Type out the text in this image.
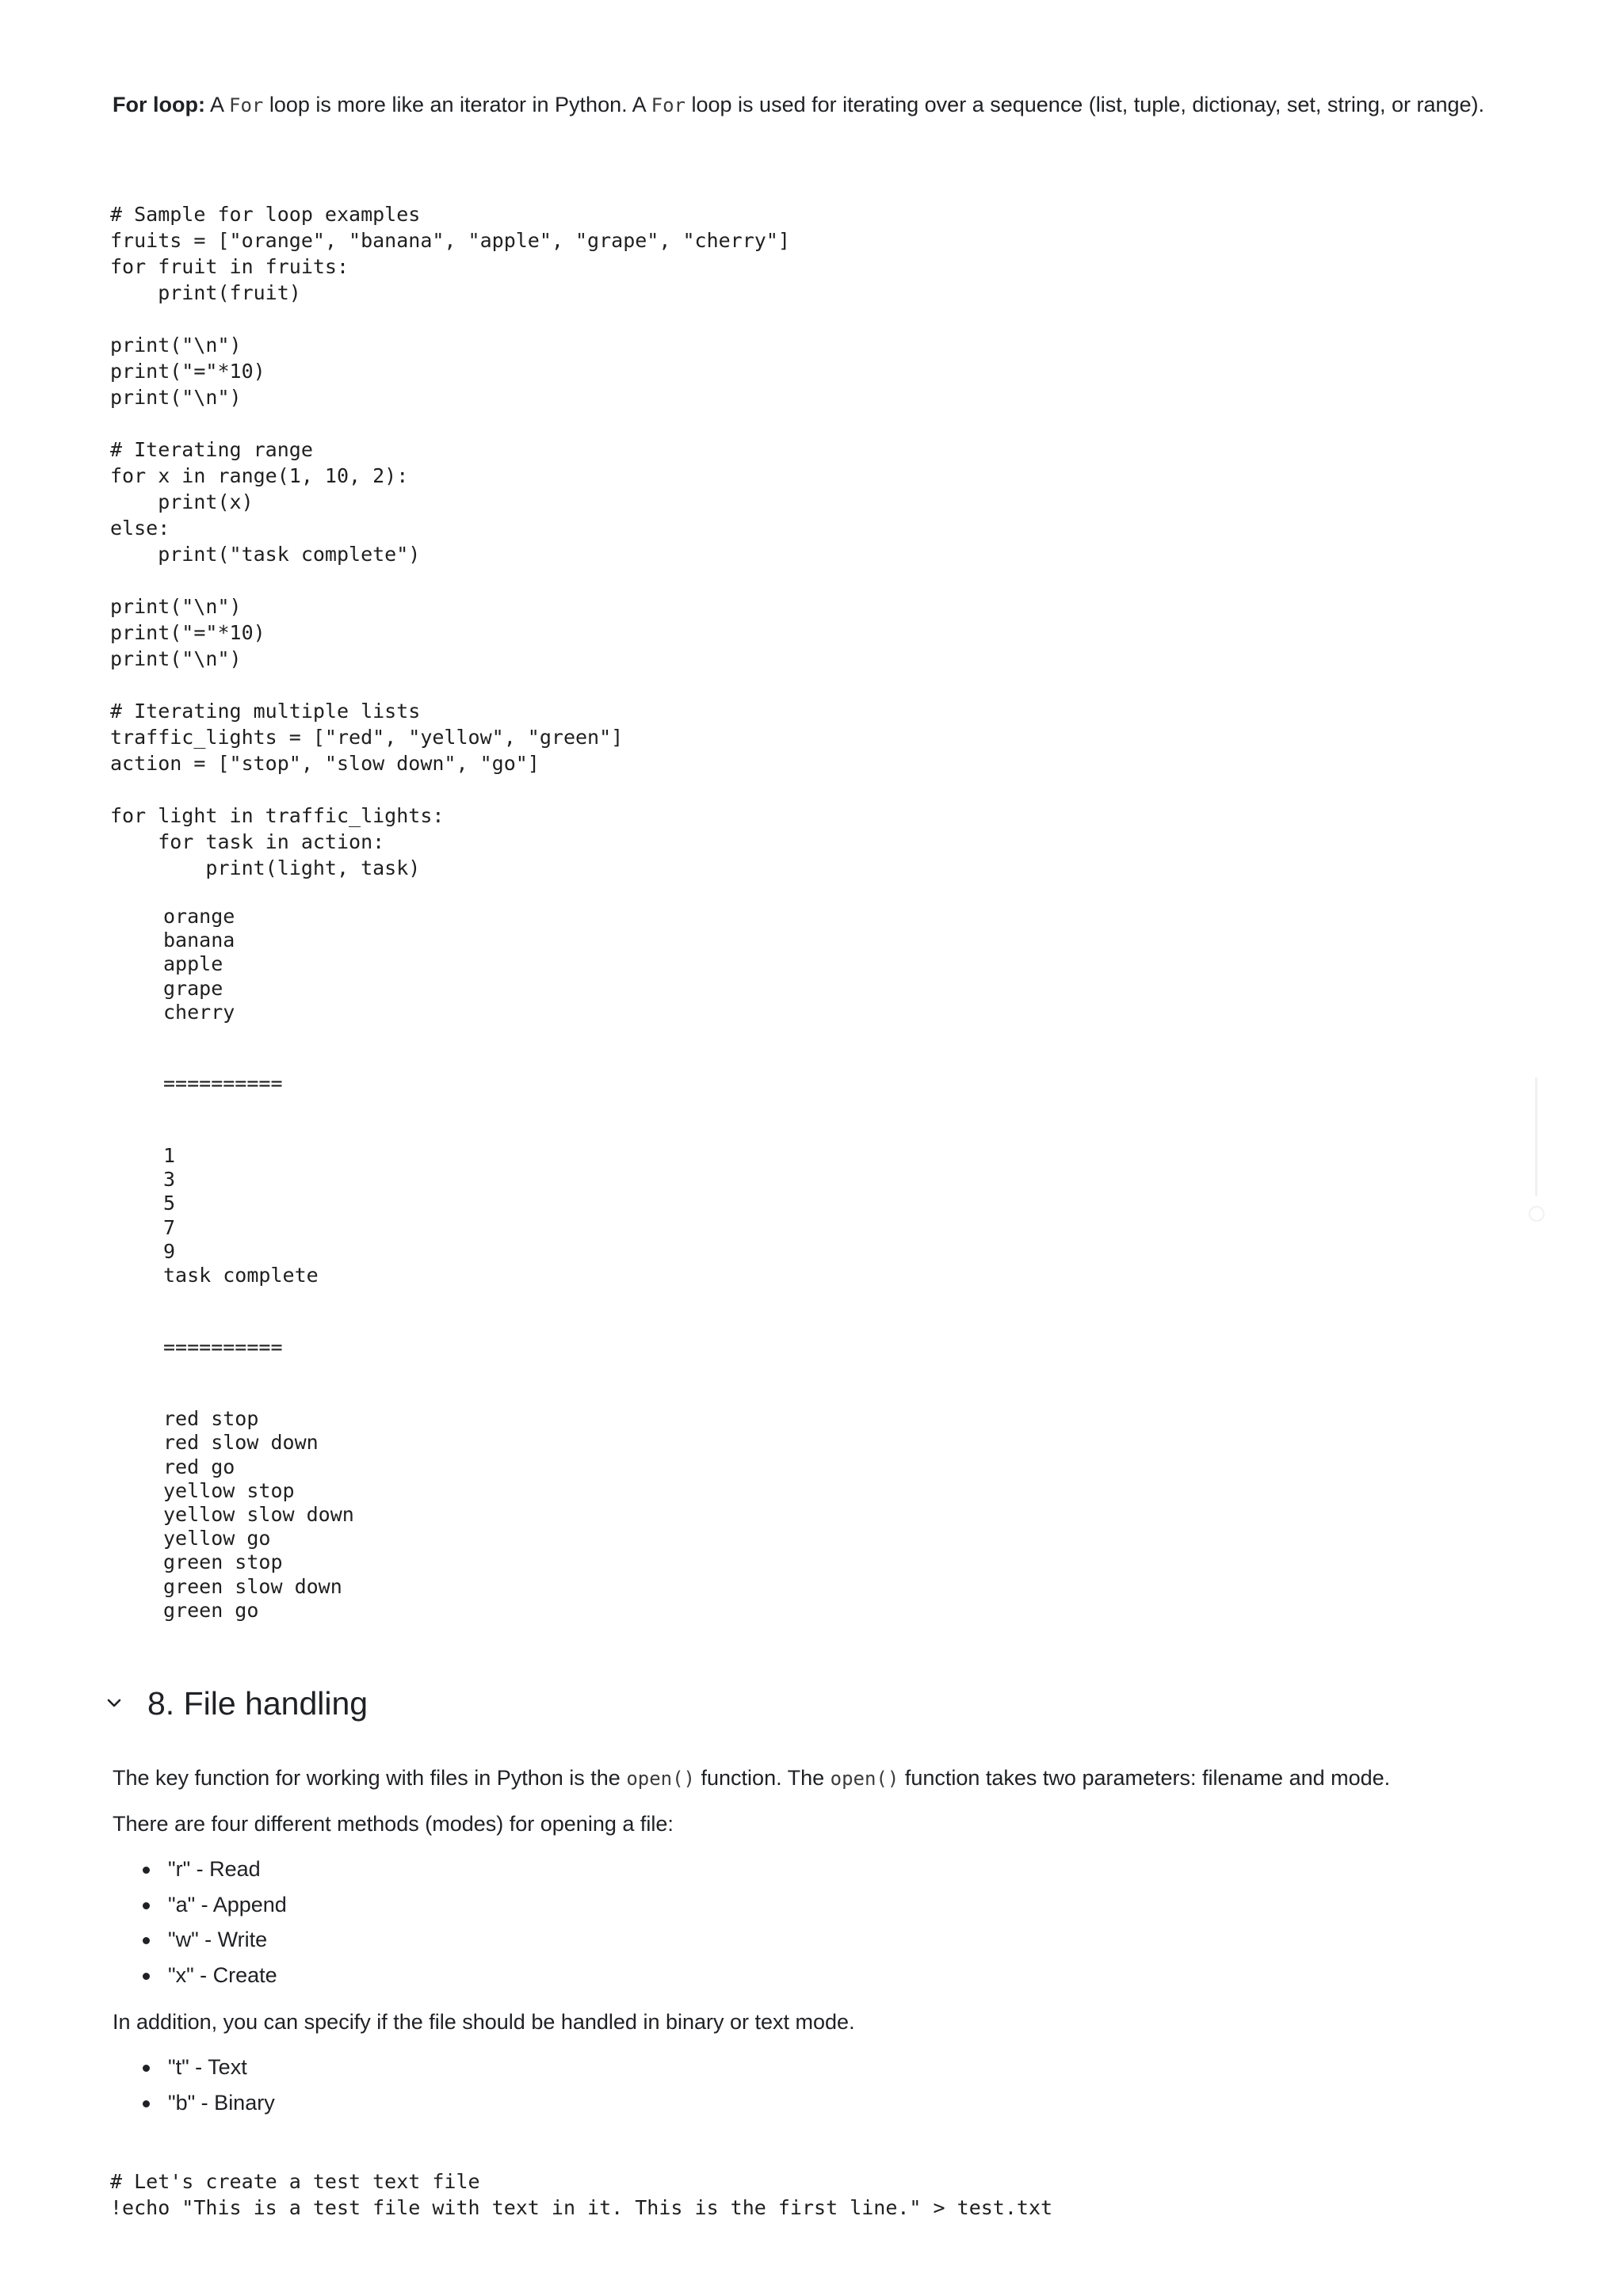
For loop: A For loop is more like an iterator in Python. A For loop is used for iterating over a sequence (list, tuple, dictionay, set, string, or range).
# Sample for loop examples
fruits = ["orange", "banana", "apple", "grape", "cherry"]
for fruit in fruits:
print(fruit)

print("\n")
print("="*10)
print("\n")

# Iterating range
for x in range(1, 10, 2):
print(x)
else:
print("task complete")

print("\n")
print("="*10)
print("\n")

# Iterating multiple lists
traffic_lights = ["red", "yellow", "green"]
action = ["stop", "slow down", "go"]

for light in traffic_lights:
for task in action:
print(light, task)
orange
banana
apple
grape
cherry

==========

1
3
5
7
9
task complete

==========

red stop
red slow down
red go
yellow stop
yellow slow down
yellow go
green stop
green slow down
green go
8. File handling
The key function for working with files in Python is the open() function. The open() function takes two parameters: filename and mode.
There are four different methods (modes) for opening a file:
"r" - Read
"a" - Append
"w" - Write
"x" - Create
In addition, you can specify if the file should be handled in binary or text mode.
"t" - Text
"b" - Binary
# Let's create a test text file
!echo "This is a test file with text in it. This is the first line." > test.txt
